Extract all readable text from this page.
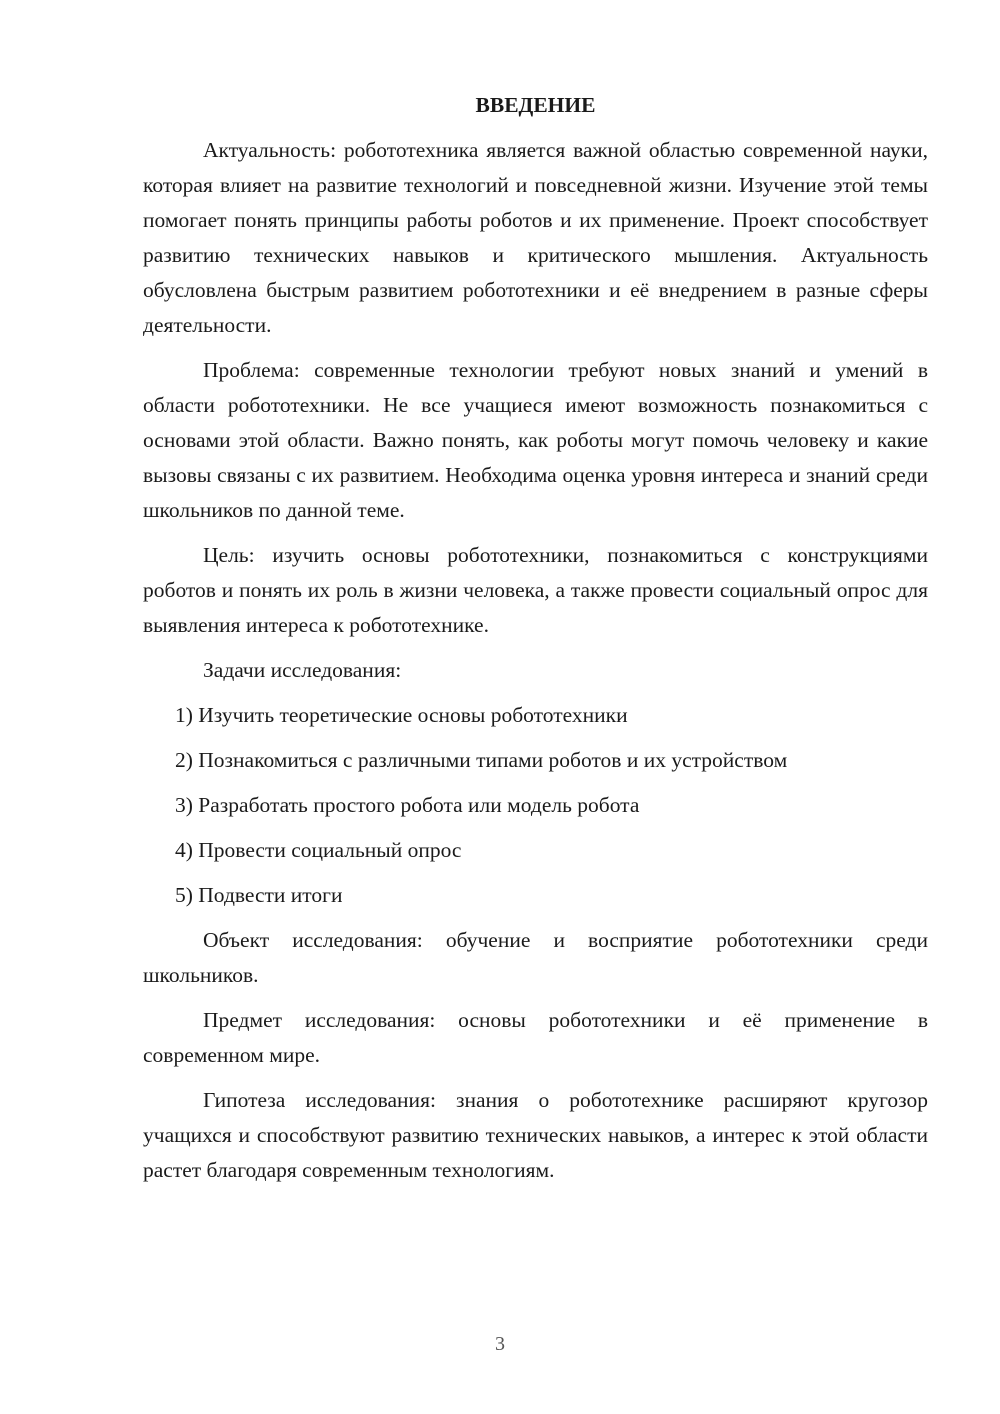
ВВЕДЕНИЕ

Актуальность: робототехника является важной областью современной науки, которая влияет на развитие технологий и повседневной жизни. Изучение этой темы помогает понять принципы работы роботов и их применение. Проект способствует развитию технических навыков и критического мышления. Актуальность обусловлена быстрым развитием робототехники и её внедрением в разные сферы деятельности.

Проблема: современные технологии требуют новых знаний и умений в области робототехники. Не все учащиеся имеют возможность познакомиться с основами этой области. Важно понять, как роботы могут помочь человеку и какие вызовы связаны с их развитием. Необходима оценка уровня интереса и знаний среди школьников по данной теме.

Цель: изучить основы робототехники, познакомиться с конструкциями роботов и понять их роль в жизни человека, а также провести социальный опрос для выявления интереса к робототехнике.

Задачи исследования:

1) Изучить теоретические основы робототехники
2) Познакомиться с различными типами роботов и их устройством
3) Разработать простого робота или модель робота
4) Провести социальный опрос
5) Подвести итоги

Объект исследования: обучение и восприятие робототехники среди школьников.

Предмет исследования: основы робототехники и её применение в современном мире.

Гипотеза исследования: знания о робототехнике расширяют кругозор учащихся и способствуют развитию технических навыков, а интерес к этой области растет благодаря современным технологиям.

3
